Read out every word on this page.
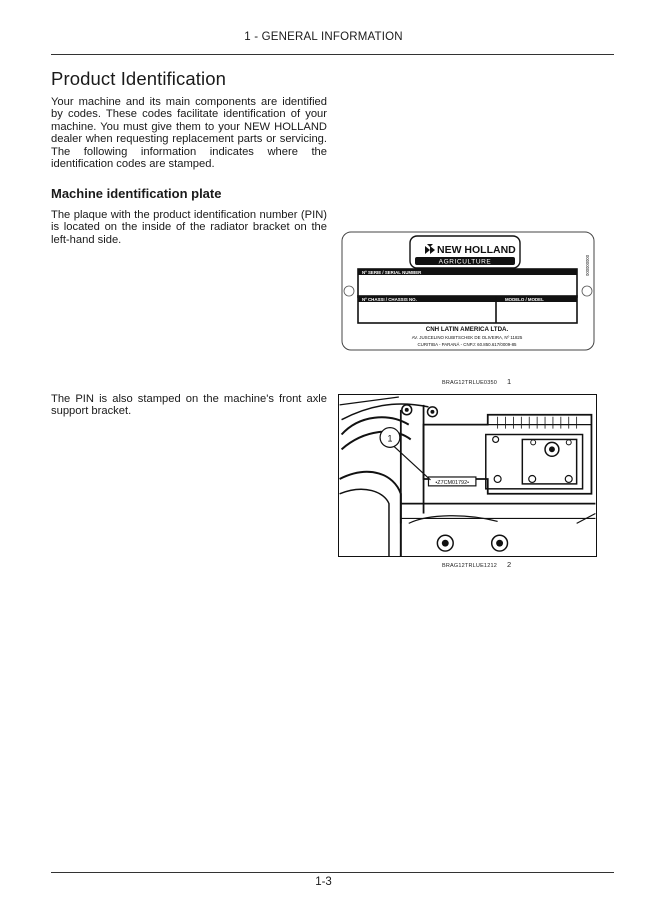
1 - GENERAL INFORMATION
Product Identification

Your machine and its main components are identified by codes. These codes facilitate identification of your machine. You must give them to your NEW HOLLAND dealer when requesting replacement parts or servicing. The following information indicates where the identification codes are stamped.

Machine identification plate

The plaque with the product identification number (PIN) is located on the inside of the radiator bracket on the left-hand side.

The PIN is also stamped on the machine's front axle support bracket.

NEW HOLLAND
AGRICULTURE	000000000
Nº SERIE / SERIAL NUMBER
Nº CHASSI / CHASSIS NO.	MODELO / MODEL
CNH LATIN AMERICA LTDA.
AV. JUSCELINO KUBITSCHEK DE OLIVEIRA, Nº 11825
CURITIBA - PARANÁ - CNPJ: 60.850.617/0009-85
BRAG12TRLUE0350 1
•Z7CM01792•
1
BRAG12TRLUE1212 2
1-3
